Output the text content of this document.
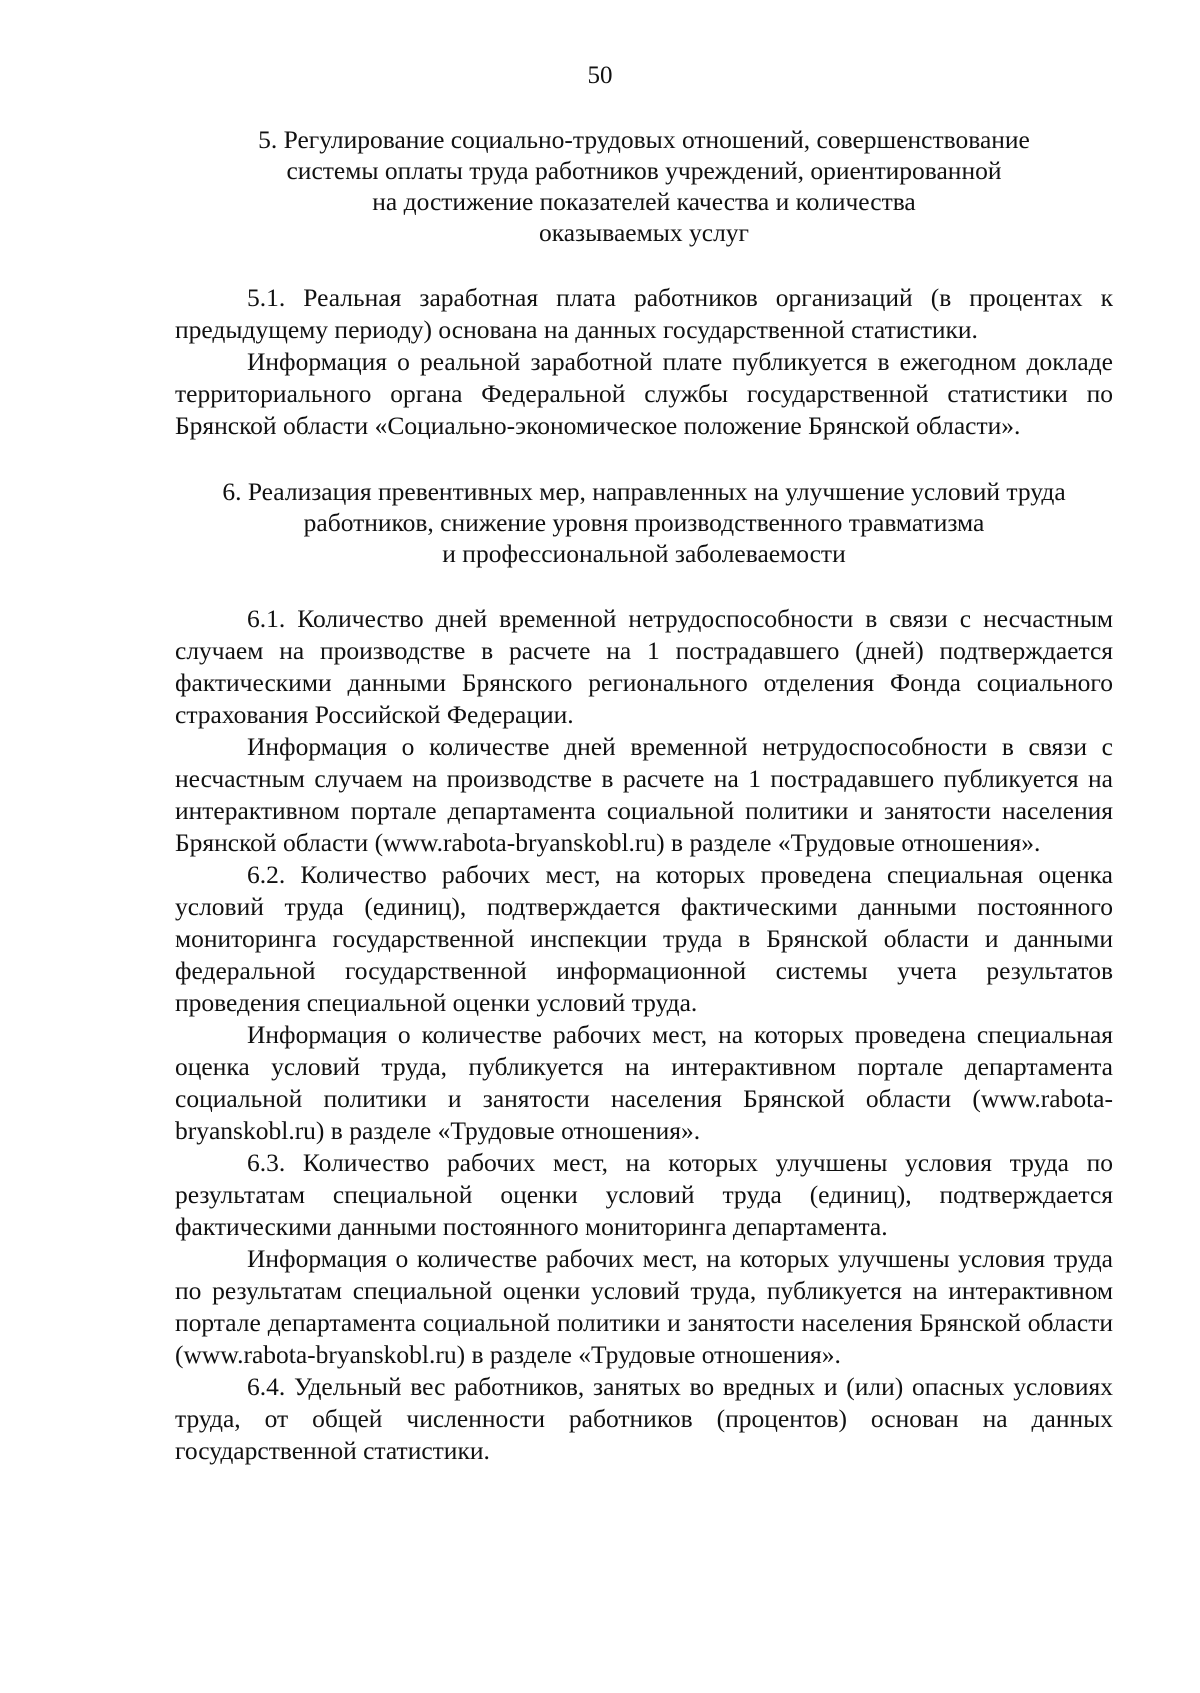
50
5. Регулирование социально-трудовых отношений, совершенствование
системы оплаты труда работников учреждений, ориентированной
на достижение показателей качества и количества
оказываемых услуг

5.1. Реальная заработная плата работников организаций (в процентах к предыдущему периоду) основана на данных государственной статистики.

Информация о реальной заработной плате публикуется в ежегодном докладе территориального органа Федеральной службы государственной статистики по Брянской области «Социально-экономическое положение Брянской области».

6. Реализация превентивных мер, направленных на улучшение условий труда
работников, снижение уровня производственного травматизма
и профессиональной заболеваемости

6.1. Количество дней временной нетрудоспособности в связи с несчастным случаем на производстве в расчете на 1 пострадавшего (дней) подтверждается фактическими данными Брянского регионального отделения Фонда социального страхования Российской Федерации.

Информация о количестве дней временной нетрудоспособности в связи с несчастным случаем на производстве в расчете на 1 пострадавшего публикуется на интерактивном портале департамента социальной политики и занятости населения Брянской области (www.rabota-bryanskobl.ru) в разделе «Трудовые отношения».

6.2. Количество рабочих мест, на которых проведена специальная оценка условий труда (единиц), подтверждается фактическими данными постоянного мониторинга государственной инспекции труда в Брянской области и данными федеральной государственной информационной системы учета результатов проведения специальной оценки условий труда.

Информация о количестве рабочих мест, на которых проведена специальная оценка условий труда, публикуется на интерактивном портале департамента социальной политики и занятости населения Брянской области (www.rabota-bryanskobl.ru) в разделе «Трудовые отношения».

6.3. Количество рабочих мест, на которых улучшены условия труда по результатам специальной оценки условий труда (единиц), подтверждается фактическими данными постоянного мониторинга департамента.

Информация о количестве рабочих мест, на которых улучшены условия труда по результатам специальной оценки условий труда, публикуется на интерактивном портале департамента социальной политики и занятости населения Брянской области (www.rabota-bryanskobl.ru) в разделе «Трудовые отношения».

6.4. Удельный вес работников, занятых во вредных и (или) опасных условиях труда, от общей численности работников (процентов) основан на данных государственной статистики.
